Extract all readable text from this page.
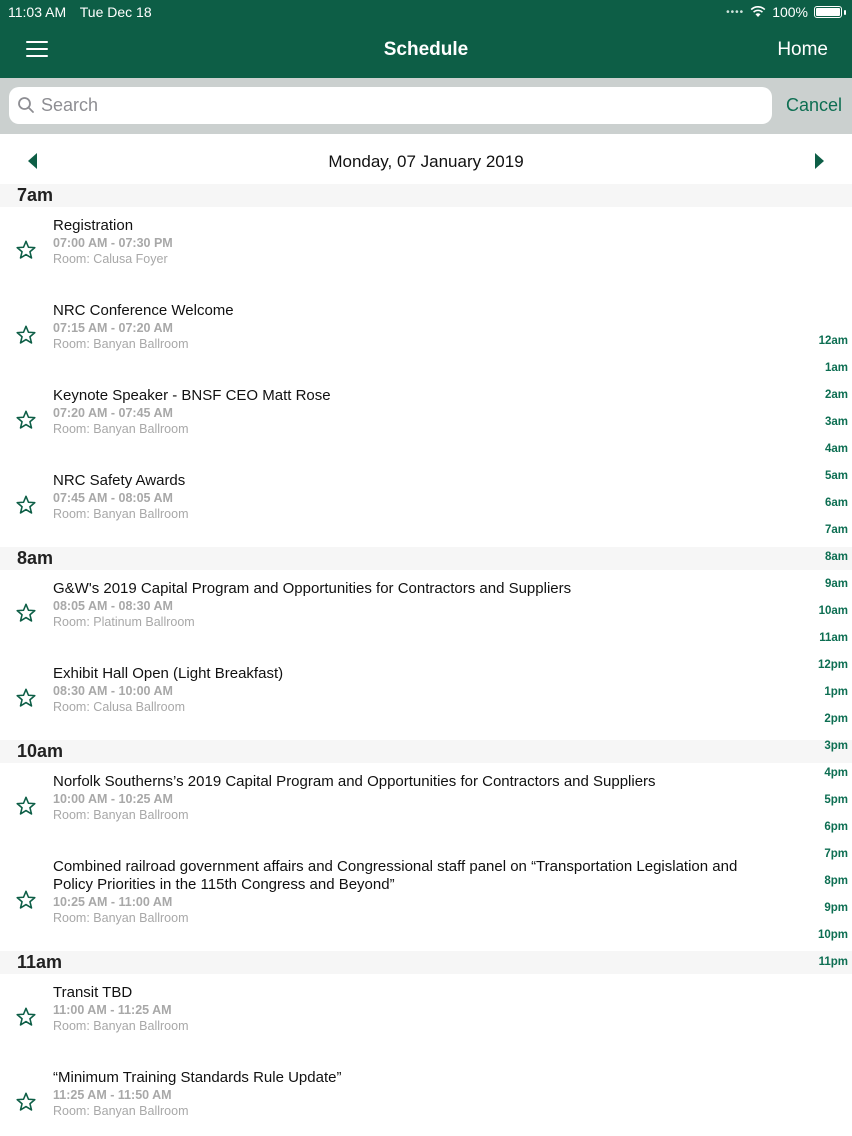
11:03 AM Tue Dec 18	•••• 100%
Schedule	Home
Search	Cancel
Monday, 07 January 2019
7am
Registration
07:00 AM - 07:30 PM
Room: Calusa Foyer
NRC Conference Welcome
07:15 AM - 07:20 AM
Room: Banyan Ballroom
Keynote Speaker - BNSF CEO Matt Rose
07:20 AM - 07:45 AM
Room: Banyan Ballroom
NRC Safety Awards
07:45 AM - 08:05 AM
Room: Banyan Ballroom
8am
G&W's 2019 Capital Program and Opportunities for Contractors and Suppliers
08:05 AM - 08:30 AM
Room: Platinum Ballroom
Exhibit Hall Open (Light Breakfast)
08:30 AM - 10:00 AM
Room: Calusa Ballroom
10am
Norfolk Southerns’s 2019 Capital Program and Opportunities for Contractors and Suppliers
10:00 AM - 10:25 AM
Room: Banyan Ballroom
Combined railroad government affairs and Congressional staff panel on “Transportation Legislation and Policy Priorities in the 115th Congress and Beyond”
10:25 AM - 11:00 AM
Room: Banyan Ballroom
11am
Transit TBD
11:00 AM - 11:25 AM
Room: Banyan Ballroom
“Minimum Training Standards Rule Update”
11:25 AM - 11:50 AM
Room: Banyan Ballroom
12am
1am
2am
3am
4am
5am
6am
7am
8am
9am
10am
11am
12pm
1pm
2pm
3pm
4pm
5pm
6pm
7pm
8pm
9pm
10pm
11pm
